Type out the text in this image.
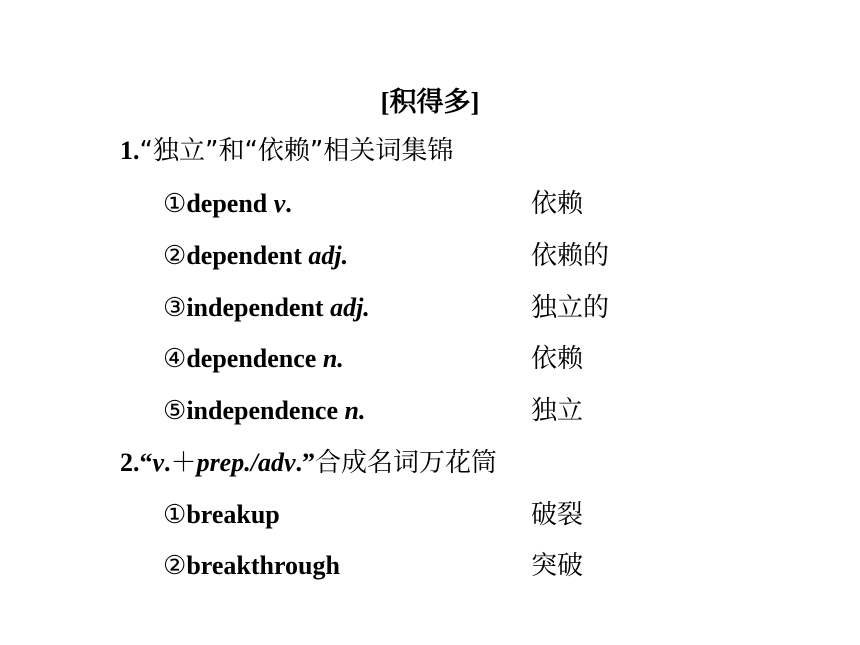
[积得多]
1.“独立”和“依赖”相关词集锦
①depend v.	依赖
②dependent adj.	依赖的
③independent adj.	独立的
④dependence n.	依赖
⑤independence n.	独立
2.“v.＋prep./adv.”合成名词万花筒
①breakup	破裂
②breakthrough	突破
